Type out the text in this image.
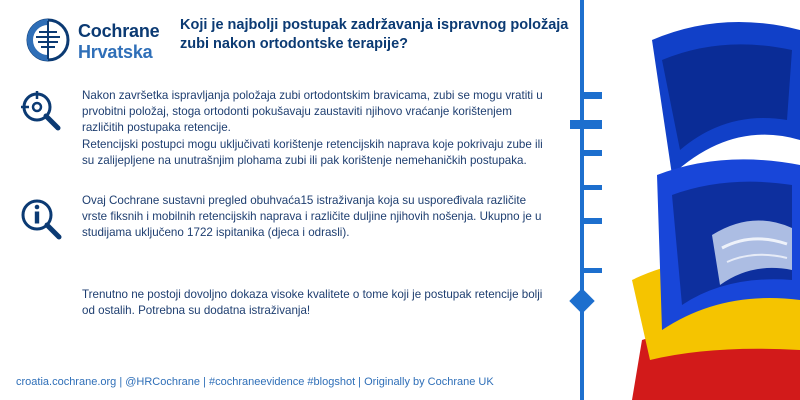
Cochrane
Hrvatska
Koji je najbolji postupak zadržavanja ispravnog položaja zubi nakon ortodontske terapije?

Nakon završetka ispravljanja položaja zubi ortodontskim bravicama, zubi se mogu vratiti u prvobitni položaj, stoga ortodonti pokušavaju zaustaviti njihovo vraćanje korištenjem različitih postupaka retencije.

Retencijski postupci mogu uključivati korištenje retencijskih naprava koje pokrivaju zube ili su zalijepljene na unutrašnjim plohama zubi ili pak korištenje nemehaničkih postupaka.

Ovaj Cochrane sustavni pregled obuhvaća15 istraživanja koja su uspoređivala različite vrste fiksnih i mobilnih retencijskih naprava i različite duljine njihovih nošenja. Ukupno je u studijama uključeno 1722 ispitanika (djeca i odrasli).

Trenutno ne postoji dovoljno dokaza visoke kvalitete o tome koji je postupak retencije bolji od ostalih. Potrebna su dodatna istraživanja!

croatia.cochrane.org | @HRCochrane | #cochraneevidence #blogshot | Originally by Cochrane UK
